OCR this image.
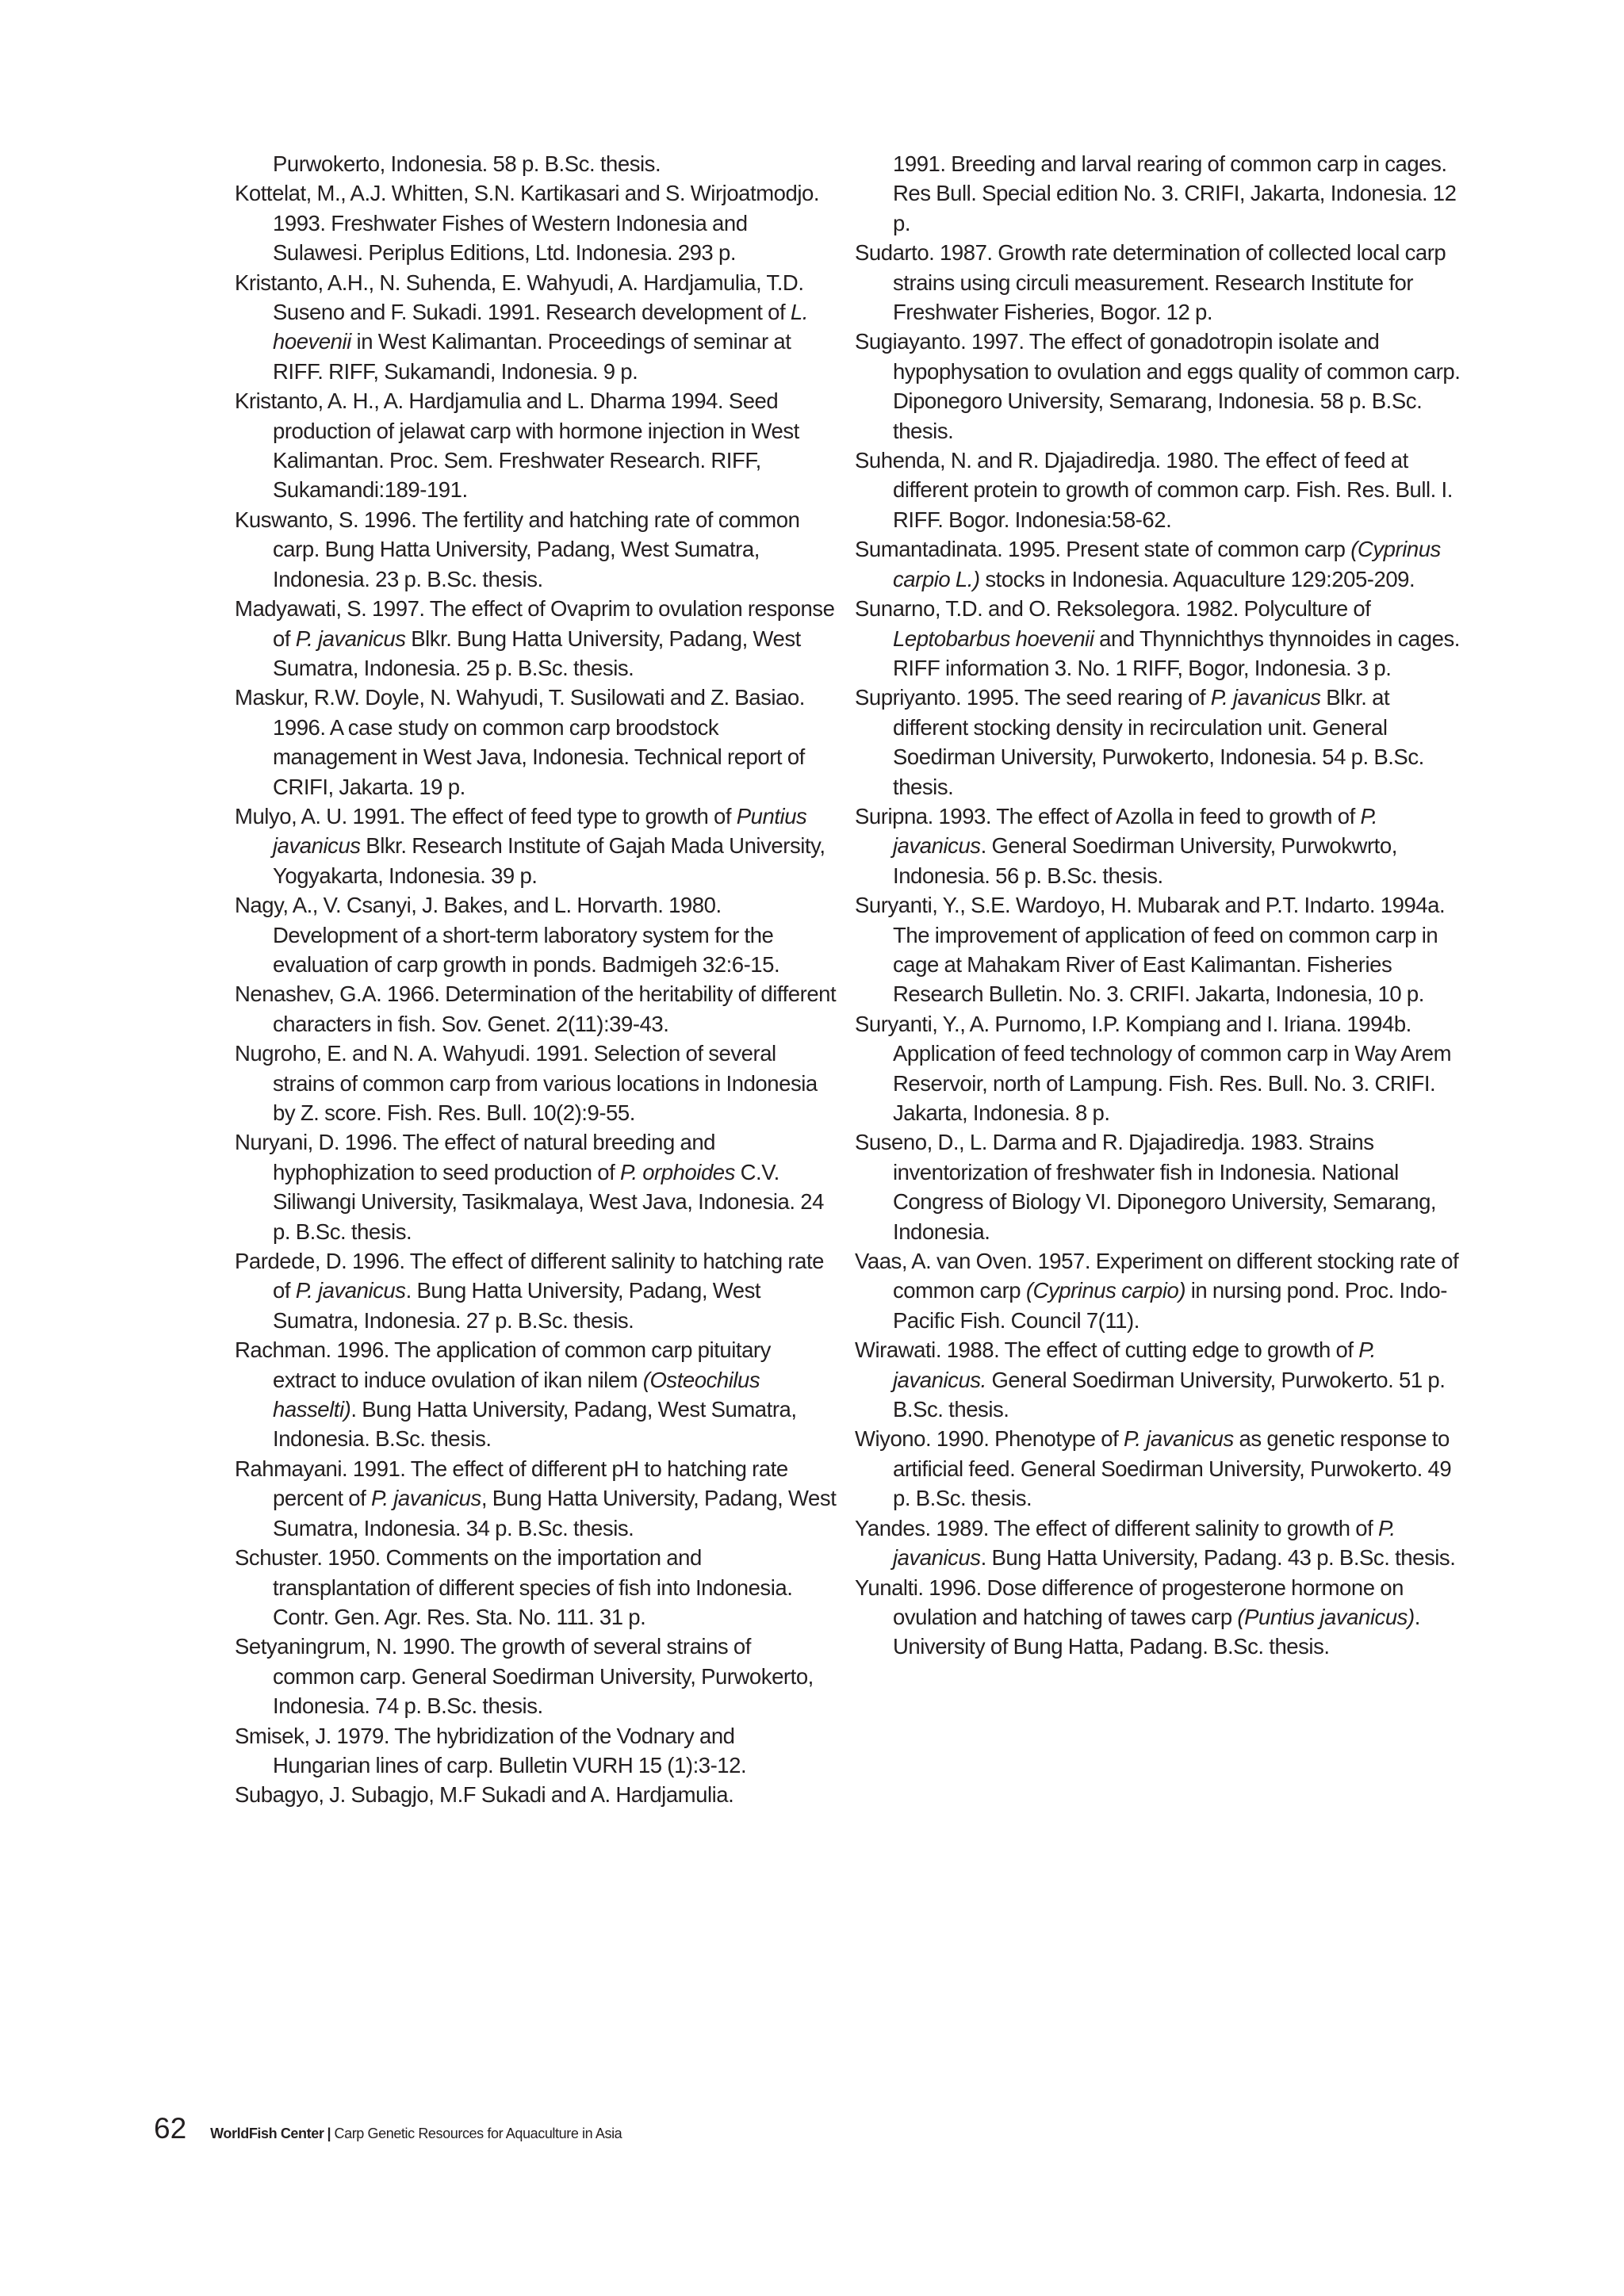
Purwokerto, Indonesia. 58 p. B.Sc. thesis.
Kottelat, M., A.J. Whitten, S.N. Kartikasari and S. Wirjoatmodjo. 1993. Freshwater Fishes of Western Indonesia and Sulawesi. Periplus Editions, Ltd. Indonesia. 293 p.
Kristanto, A.H., N. Suhenda, E. Wahyudi, A. Hardjamulia, T.D. Suseno and F. Sukadi. 1991. Research development of L. hoevenii in West Kalimantan. Proceedings of seminar at RIFF. RIFF, Sukamandi, Indonesia. 9 p.
Kristanto, A. H., A. Hardjamulia and L. Dharma 1994. Seed production of jelawat carp with hormone injection in West Kalimantan. Proc. Sem. Freshwater Research. RIFF, Sukamandi:189-191.
Kuswanto, S. 1996. The fertility and hatching rate of common carp. Bung Hatta University, Padang, West Sumatra, Indonesia. 23 p. B.Sc. thesis.
Madyawati, S. 1997. The effect of Ovaprim to ovulation response of P. javanicus Blkr. Bung Hatta University, Padang, West Sumatra, Indonesia. 25 p. B.Sc. thesis.
Maskur, R.W. Doyle, N. Wahyudi, T. Susilowati and Z. Basiao. 1996. A case study on common carp broodstock management in West Java, Indonesia. Technical report of CRIFI, Jakarta. 19 p.
Mulyo, A. U. 1991. The effect of feed type to growth of Puntius javanicus Blkr. Research Institute of Gajah Mada University, Yogyakarta, Indonesia. 39 p.
Nagy, A., V. Csanyi, J. Bakes, and L. Horvarth. 1980. Development of a short-term laboratory system for the evaluation of carp growth in ponds. Badmigeh 32:6-15.
Nenashev, G.A. 1966. Determination of the heritability of different characters in fish. Sov. Genet. 2(11):39-43.
Nugroho, E. and N. A. Wahyudi. 1991. Selection of several strains of common carp from various locations in Indonesia by Z. score. Fish. Res. Bull. 10(2):9-55.
Nuryani, D. 1996. The effect of natural breeding and hyphophization to seed production of P. orphoides C.V. Siliwangi University, Tasikmalaya, West Java, Indonesia. 24 p. B.Sc. thesis.
Pardede, D. 1996. The effect of different salinity to hatching rate of P. javanicus. Bung Hatta University, Padang, West Sumatra, Indonesia. 27 p. B.Sc. thesis.
Rachman. 1996. The application of common carp pituitary extract to induce ovulation of ikan nilem (Osteochilus hasselti). Bung Hatta University, Padang, West Sumatra, Indonesia. B.Sc. thesis.
Rahmayani. 1991. The effect of different pH to hatching rate percent of P. javanicus, Bung Hatta University, Padang, West Sumatra, Indonesia. 34 p. B.Sc. thesis.
Schuster. 1950. Comments on the importation and transplantation of different species of fish into Indonesia. Contr. Gen. Agr. Res. Sta. No. 111. 31 p.
Setyaningrum, N. 1990. The growth of several strains of common carp. General Soedirman University, Purwokerto, Indonesia. 74 p. B.Sc. thesis.
Smisek, J. 1979. The hybridization of the Vodnary and Hungarian lines of carp. Bulletin VURH 15 (1):3-12.
Subagyo, J. Subagjo, M.F Sukadi and A. Hardjamulia.
1991. Breeding and larval rearing of common carp in cages. Res Bull. Special edition No. 3. CRIFI, Jakarta, Indonesia. 12 p.
Sudarto. 1987. Growth rate determination of collected local carp strains using circuli measurement. Research Institute for Freshwater Fisheries, Bogor. 12 p.
Sugiayanto. 1997. The effect of gonadotropin isolate and hypophysation to ovulation and eggs quality of common carp. Diponegoro University, Semarang, Indonesia. 58 p. B.Sc. thesis.
Suhenda, N. and R. Djajadiredja. 1980. The effect of feed at different protein to growth of common carp. Fish. Res. Bull. I. RIFF. Bogor. Indonesia:58-62.
Sumantadinata. 1995. Present state of common carp (Cyprinus carpio L.) stocks in Indonesia. Aquaculture 129:205-209.
Sunarno, T.D. and O. Reksolegora. 1982. Polyculture of Leptobarbus hoevenii and Thynnichthys thynnoides in cages. RIFF information 3. No. 1 RIFF, Bogor, Indonesia. 3 p.
Supriyanto. 1995. The seed rearing of P. javanicus Blkr. at different stocking density in recirculation unit. General Soedirman University, Purwokerto, Indonesia. 54 p. B.Sc. thesis.
Suripna. 1993. The effect of Azolla in feed to growth of P. javanicus. General Soedirman University, Purwokwrto, Indonesia. 56 p. B.Sc. thesis.
Suryanti, Y., S.E. Wardoyo, H. Mubarak and P.T. Indarto. 1994a. The improvement of application of feed on common carp in cage at Mahakam River of East Kalimantan. Fisheries Research Bulletin. No. 3. CRIFI. Jakarta, Indonesia, 10 p.
Suryanti, Y., A. Purnomo, I.P. Kompiang and I. Iriana. 1994b. Application of feed technology of common carp in Way Arem Reservoir, north of Lampung. Fish. Res. Bull. No. 3. CRIFI. Jakarta, Indonesia. 8 p.
Suseno, D., L. Darma and R. Djajadiredja. 1983. Strains inventorization of freshwater fish in Indonesia. National Congress of Biology VI. Diponegoro University, Semarang, Indonesia.
Vaas, A. van Oven. 1957. Experiment on different stocking rate of common carp (Cyprinus carpio) in nursing pond. Proc. Indo-Pacific Fish. Council 7(11).
Wirawati. 1988. The effect of cutting edge to growth of P. javanicus. General Soedirman University, Purwokerto. 51 p. B.Sc. thesis.
Wiyono. 1990. Phenotype of P. javanicus as genetic response to artificial feed. General Soedirman University, Purwokerto. 49 p. B.Sc. thesis.
Yandes. 1989. The effect of different salinity to growth of P. javanicus. Bung Hatta University, Padang. 43 p. B.Sc. thesis.
Yunalti. 1996. Dose difference of progesterone hormone on ovulation and hatching of tawes carp (Puntius javanicus). University of Bung Hatta, Padang. B.Sc. thesis.
62 WorldFish Center | Carp Genetic Resources for Aquaculture in Asia
